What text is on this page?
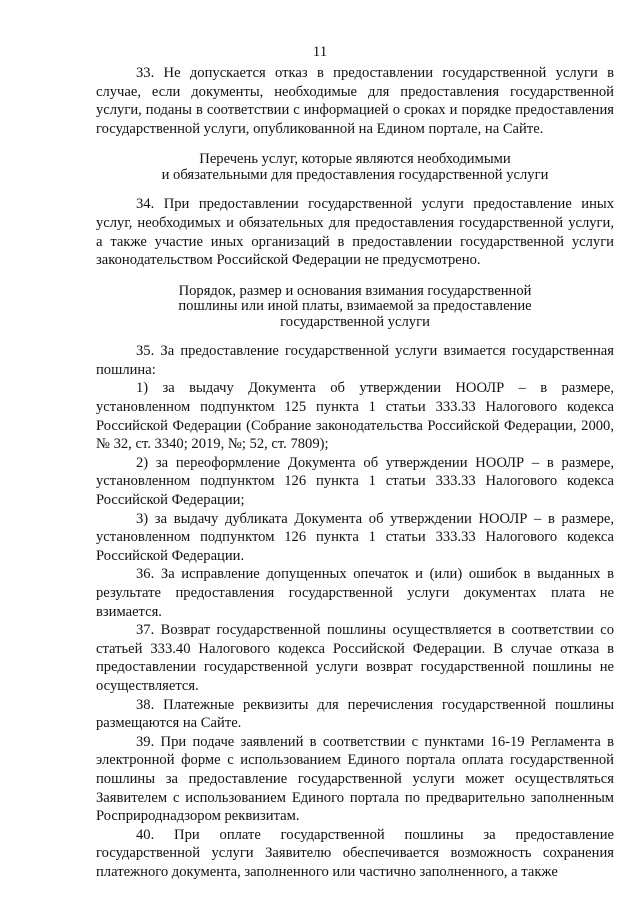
11

33. Не допускается отказ в предоставлении государственной услуги в случае, если документы, необходимые для предоставления государственной услуги, поданы в соответствии с информацией о сроках и порядке предоставления государственной услуги, опубликованной на Едином портале, на Сайте.

Перечень услуг, которые являются необходимыми
и обязательными для предоставления государственной услуги

34. При предоставлении государственной услуги предоставление иных услуг, необходимых и обязательных для предоставления государственной услуги, а также участие иных организаций в предоставлении государственной услуги законодательством Российской Федерации не предусмотрено.

Порядок, размер и основания взимания государственной
пошлины или иной платы, взимаемой за предоставление
государственной услуги

35. За предоставление государственной услуги взимается государственная пошлина:

1) за выдачу Документа об утверждении НООЛР – в размере, установленном подпунктом 125 пункта 1 статьи 333.33 Налогового кодекса Российской Федерации (Собрание законодательства Российской Федерации, 2000, № 32, ст. 3340; 2019, №; 52, ст. 7809);

2) за переоформление Документа об утверждении НООЛР – в размере, установленном подпунктом 126 пункта 1 статьи 333.33 Налогового кодекса Российской Федерации;

3) за выдачу дубликата Документа об утверждении НООЛР – в размере, установленном подпунктом 126 пункта 1 статьи 333.33 Налогового кодекса Российской Федерации.

36. За исправление допущенных опечаток и (или) ошибок в выданных в результате предоставления государственной услуги документах плата не взимается.

37. Возврат государственной пошлины осуществляется в соответствии со статьей 333.40 Налогового кодекса Российской Федерации. В случае отказа в предоставлении государственной услуги возврат государственной пошлины не осуществляется.

38. Платежные реквизиты для перечисления государственной пошлины размещаются на Сайте.

39. При подаче заявлений в соответствии с пунктами 16-19 Регламента в электронной форме с использованием Единого портала оплата государственной пошлины за предоставление государственной услуги может осуществляться Заявителем с использованием Единого портала по предварительно заполненным Росприроднадзором реквизитам.

40. При оплате государственной пошлины за предоставление государственной услуги Заявителю обеспечивается возможность сохранения платежного документа, заполненного или частично заполненного, а также
